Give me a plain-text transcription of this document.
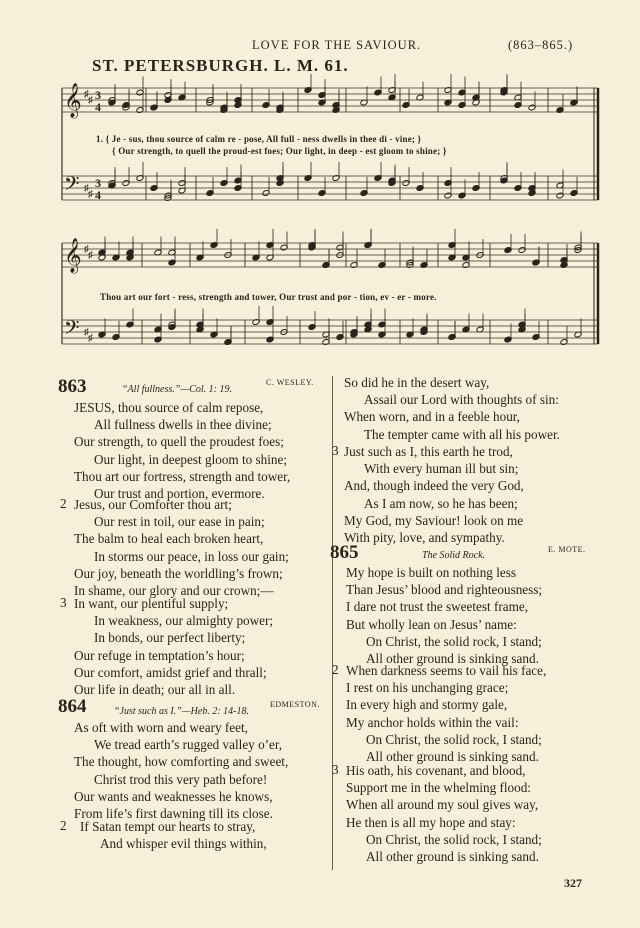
LOVE FOR THE SAVIOUR.	(863–865.)
ST. PETERSBURGH. L. M. 61.
𝄞
𝄢
♯
♯
♯
♯
3
3
4
4
𝄞
𝄢
♯
♯
♯
♯
1. { Je - sus, thou source of calm re - pose, All full - ness dwells in thee di - vine; }
{ Our strength, to quell the proud-est foes; Our light, in deep - est gloom to shine; }
Thou art our fort - ress, strength and tower, Our trust and por - tion, ev - er - more.
863	“All fullness.”—Col. 1: 19.
C. WESLEY.
JESUS, thou source of calm repose,
All fullness dwells in thee divine;
Our strength, to quell the proudest foes;
Our light, in deepest gloom to shine;
Thou art our fortress, strength and tower,
Our trust and portion, evermore.
2 Jesus, our Comforter thou art;
Our rest in toil, our ease in pain;
The balm to heal each broken heart,
In storms our peace, in loss our gain;
Our joy, beneath the worldling’s frown;
In shame, our glory and our crown;—
3 In want, our plentiful supply;
In weakness, our almighty power;
In bonds, our perfect liberty;
Our refuge in temptation’s hour;
Our comfort, amidst grief and thrall;
Our life in death; our all in all.
864	“Just such as I.”—Heb. 2: 14-18.
EDMESTON.
As oft with worn and weary feet,
We tread earth’s rugged valley o’er,
The thought, how comforting and sweet,
Christ trod this very path before!
Our wants and weaknesses he knows,
From life’s first dawning till its close.
2 If Satan tempt our hearts to stray,
And whisper evil things within,
So did he in the desert way,
Assail our Lord with thoughts of sin:
When worn, and in a feeble hour,
The tempter came with all his power.
3 Just such as I, this earth he trod,
With every human ill but sin;
And, though indeed the very God,
As I am now, so he has been;
My God, my Saviour! look on me
With pity, love, and sympathy.
865	The Solid Rock.
E. MOTE.
My hope is built on nothing less
Than Jesus’ blood and righteousness;
I dare not trust the sweetest frame,
But wholly lean on Jesus’ name:
On Christ, the solid rock, I stand;
All other ground is sinking sand.
2 When darkness seems to vail his face,
I rest on his unchanging grace;
In every high and stormy gale,
My anchor holds within the vail:
On Christ, the solid rock, I stand;
All other ground is sinking sand.
3 His oath, his covenant, and blood,
Support me in the whelming flood:
When all around my soul gives way,
He then is all my hope and stay:
On Christ, the solid rock, I stand;
All other ground is sinking sand.
327
